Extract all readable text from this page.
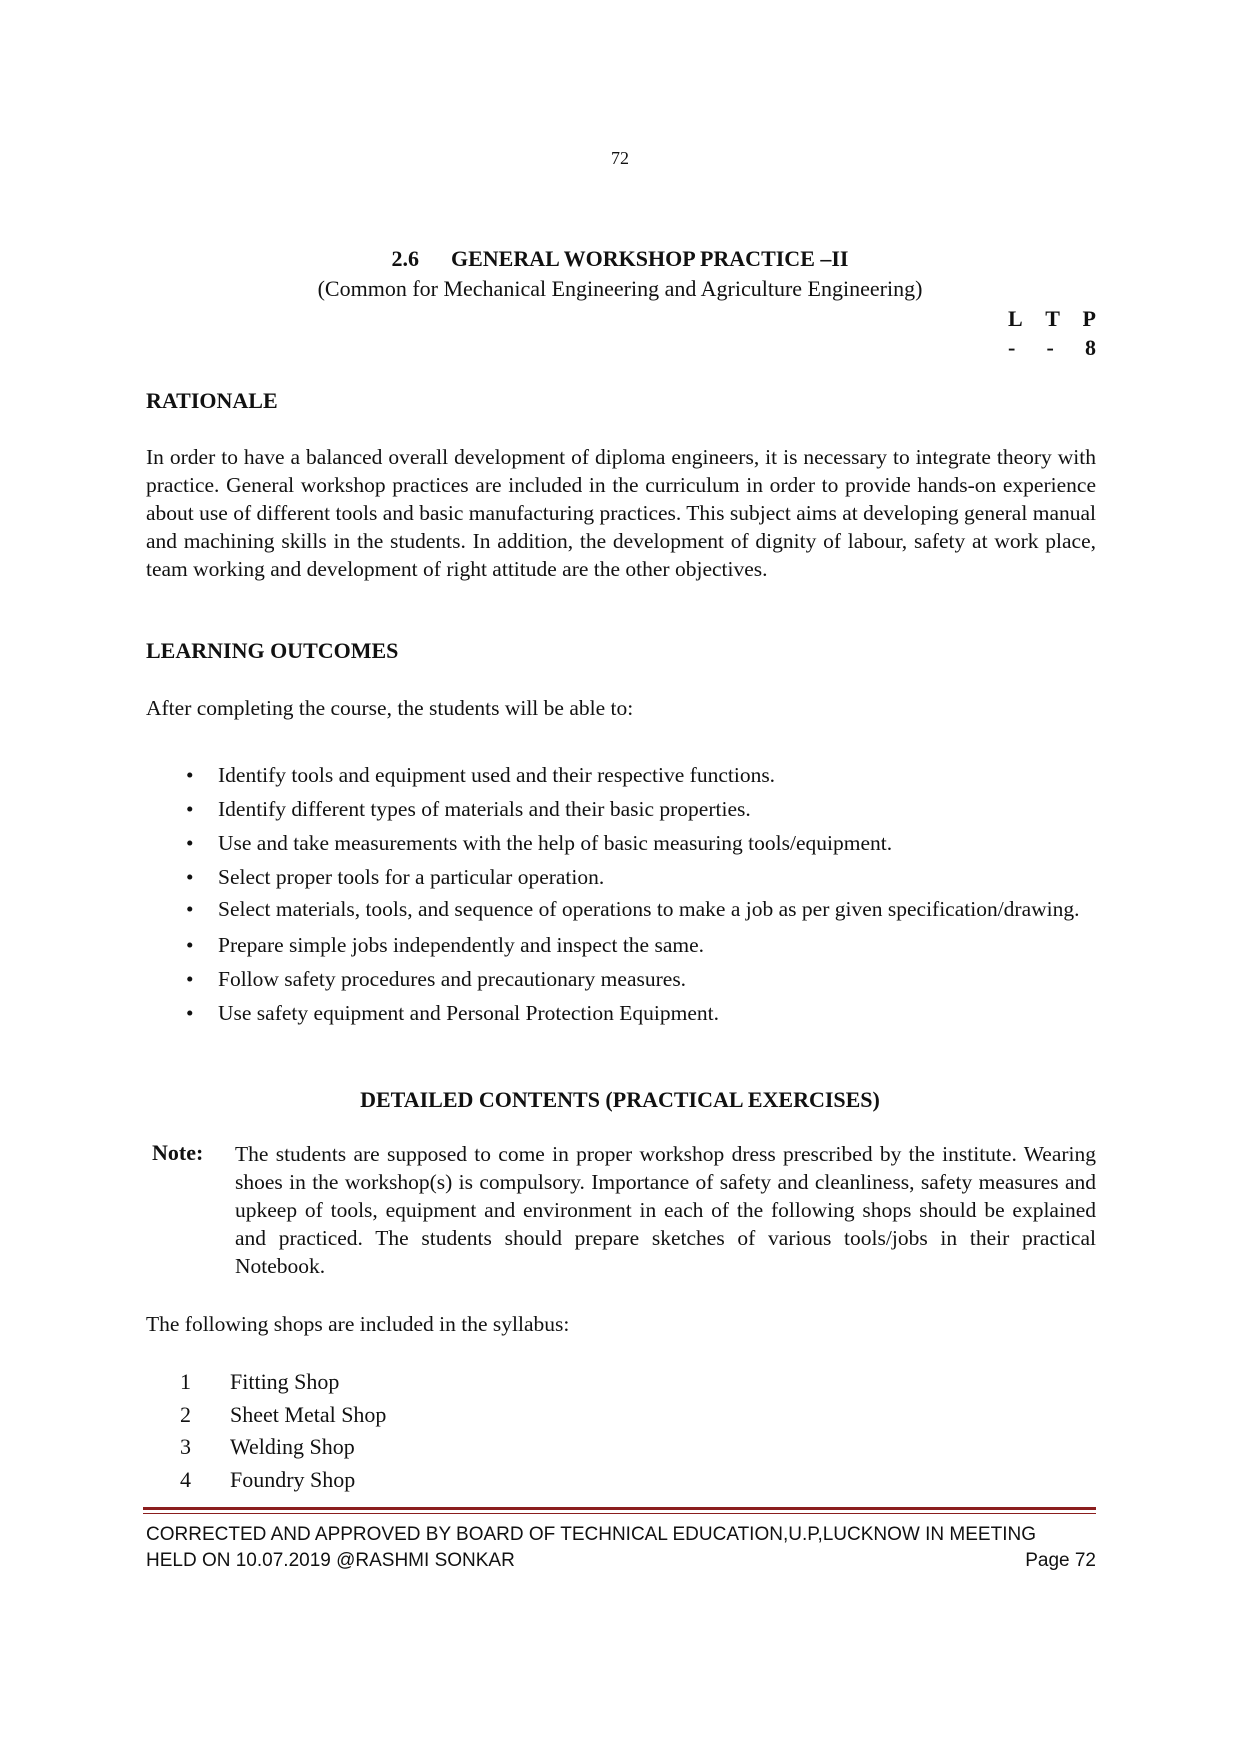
72
2.6 GENERAL WORKSHOP PRACTICE –II
(Common for Mechanical Engineering and Agriculture Engineering)
L T P
- - 8
RATIONALE
In order to have a balanced overall development of diploma engineers, it is necessary to integrate theory with practice. General workshop practices are included in the curriculum in order to provide hands-on experience about use of different tools and basic manufacturing practices. This subject aims at developing general manual and machining skills in the students. In addition, the development of dignity of labour, safety at work place, team working and development of right attitude are the other objectives.
LEARNING OUTCOMES
After completing the course, the students will be able to:
• Identify tools and equipment used and their respective functions.
• Identify different types of materials and their basic properties.
• Use and take measurements with the help of basic measuring tools/equipment.
• Select proper tools for a particular operation.
• Select materials, tools, and sequence of operations to make a job as per given specification/drawing.
• Prepare simple jobs independently and inspect the same.
• Follow safety procedures and precautionary measures.
• Use safety equipment and Personal Protection Equipment.
DETAILED CONTENTS (PRACTICAL EXERCISES)
Note: The students are supposed to come in proper workshop dress prescribed by the institute. Wearing shoes in the workshop(s) is compulsory. Importance of safety and cleanliness, safety measures and upkeep of tools, equipment and environment in each of the following shops should be explained and practiced. The students should prepare sketches of various tools/jobs in their practical Notebook.
The following shops are included in the syllabus:
1	Fitting Shop
2	Sheet Metal Shop
3	Welding Shop
4	Foundry Shop
CORRECTED AND APPROVED BY BOARD OF TECHNICAL EDUCATION,U.P,LUCKNOW IN MEETING
HELD ON 10.07.2019 @RASHMI SONKAR	Page 72
